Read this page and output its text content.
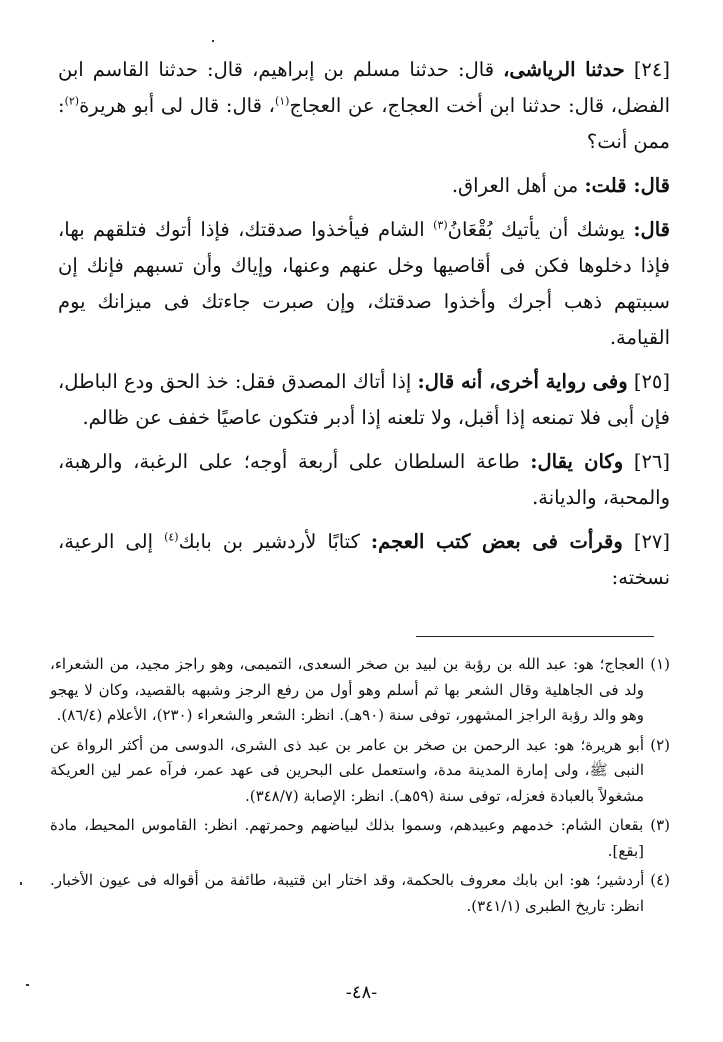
[٢٤] حدثنا الرياشى، قال: حدثنا مسلم بن إبراهيم، قال: حدثنا القاسم ابن الفضل، قال: حدثنا ابن أخت العجاج، عن العجاج$^{(١)}$، قال: قال لى أبو هريرة$^{(٢)}$: ممن أنت؟

قال: قلت: من أهل العراق.

قال: يوشك أن يأتيك بُقْعَانُ$^{(٣)}$ الشام فيأخذوا صدقتك، فإذا أتوك فتلقهم بها، فإذا دخلوها فكن فى أقاصيها وخل عنهم وعنها، وإياك وأن تسبهم فإنك إن سببتهم ذهب أجرك وأخذوا صدقتك، وإن صبرت جاءتك فى ميزانك يوم القيامة.

[٢٥] وفى رواية أخرى، أنه قال: إذا أتاك المصدق فقل: خذ الحق ودع الباطل، فإن أبى فلا تمنعه إذا أقبل، ولا تلعنه إذا أدبر فتكون عاصيًا خفف عن ظالم.

[٢٦] وكان يقال: طاعة السلطان على أربعة أوجه؛ على الرغبة، والرهبة، والمحبة، والديانة.

[٢٧] وقرأت فى بعض كتب العجم: كتابًا لأردشير بن بابك$^{(٤)}$ إلى الرعية، نسخته:

(١) العجاج؛ هو: عبد الله بن رؤبة بن لبيد بن صخر السعدى، التميمى، وهو راجز مجيد، من الشعراء، ولد فى الجاهلية وقال الشعر بها ثم أسلم وهو أول من رفع الرجز وشبهه بالقصيد، وكان لا يهجو وهو والد رؤبة الراجز المشهور، توفى سنة (٩٠هـ). انظر: الشعر والشعراء (٢٣٠)، الأعلام (٨٦/٤).

(٢) أبو هريرة؛ هو: عبد الرحمن بن صخر بن عامر بن عبد ذى الشرى، الدوسى من أكثر الرواة عن النبى ﷺ، ولى إمارة المدينة مدة، واستعمل على البحرين فى عهد عمر، فرآه عمر لين العريكة مشغولاً بالعبادة فعزله، توفى سنة (٥٩هـ). انظر: الإصابة (٣٤٨/٧).

(٣) بقعان الشام: خدمهم وعبيدهم، وسموا بذلك لبياضهم وحمرتهم. انظر: القاموس المحيط، مادة [بقع].

(٤) أردشير؛ هو: ابن بابك معروف بالحكمة، وقد اختار ابن قتيبة، طائفة من أقواله فى عيون الأخبار. انظر: تاريخ الطبرى (٣٤١/١).

-٤٨-
